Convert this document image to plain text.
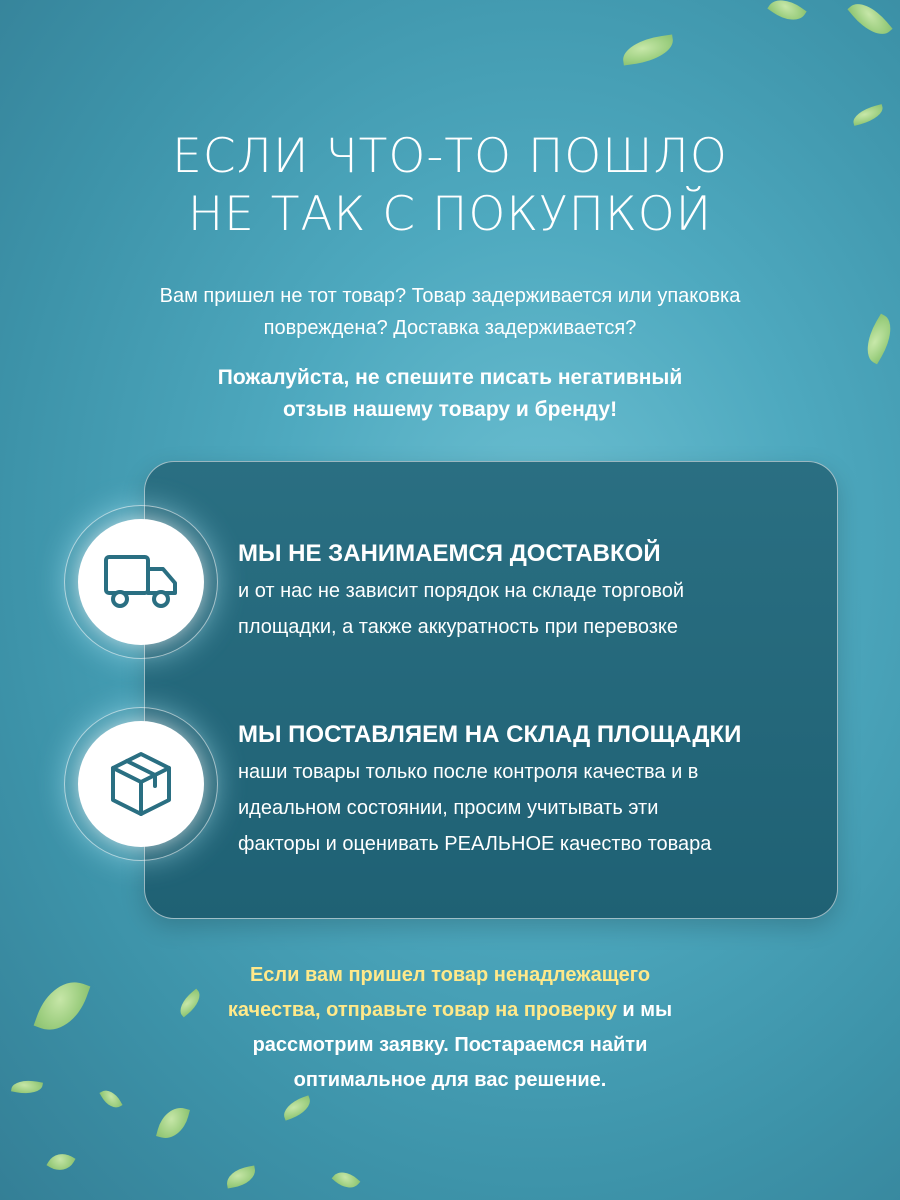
ЕСЛИ ЧТО-ТО ПОШЛО
НЕ ТАК С ПОКУПКОЙ

Вам пришел не тот товар? Товар задерживается или упаковка
повреждена? Доставка задерживается?

Пожалуйста, не спешите писать негативный
отзыв нашему товару и бренду!

МЫ НЕ ЗАНИМАЕМСЯ ДОСТАВКОЙ

и от нас не зависит порядок на складе торговой
площадки, а также аккуратность при перевозке

МЫ ПОСТАВЛЯЕМ НА СКЛАД ПЛОЩАДКИ

наши товары только после контроля качества и в
идеальном состоянии, просим учитывать эти
факторы и оценивать РЕАЛЬНОЕ качество товара

Если вам пришел товар ненадлежащего
качества, отправьте товар на проверку и мы
рассмотрим заявку. Постараемся найти
оптимальное для вас решение.
